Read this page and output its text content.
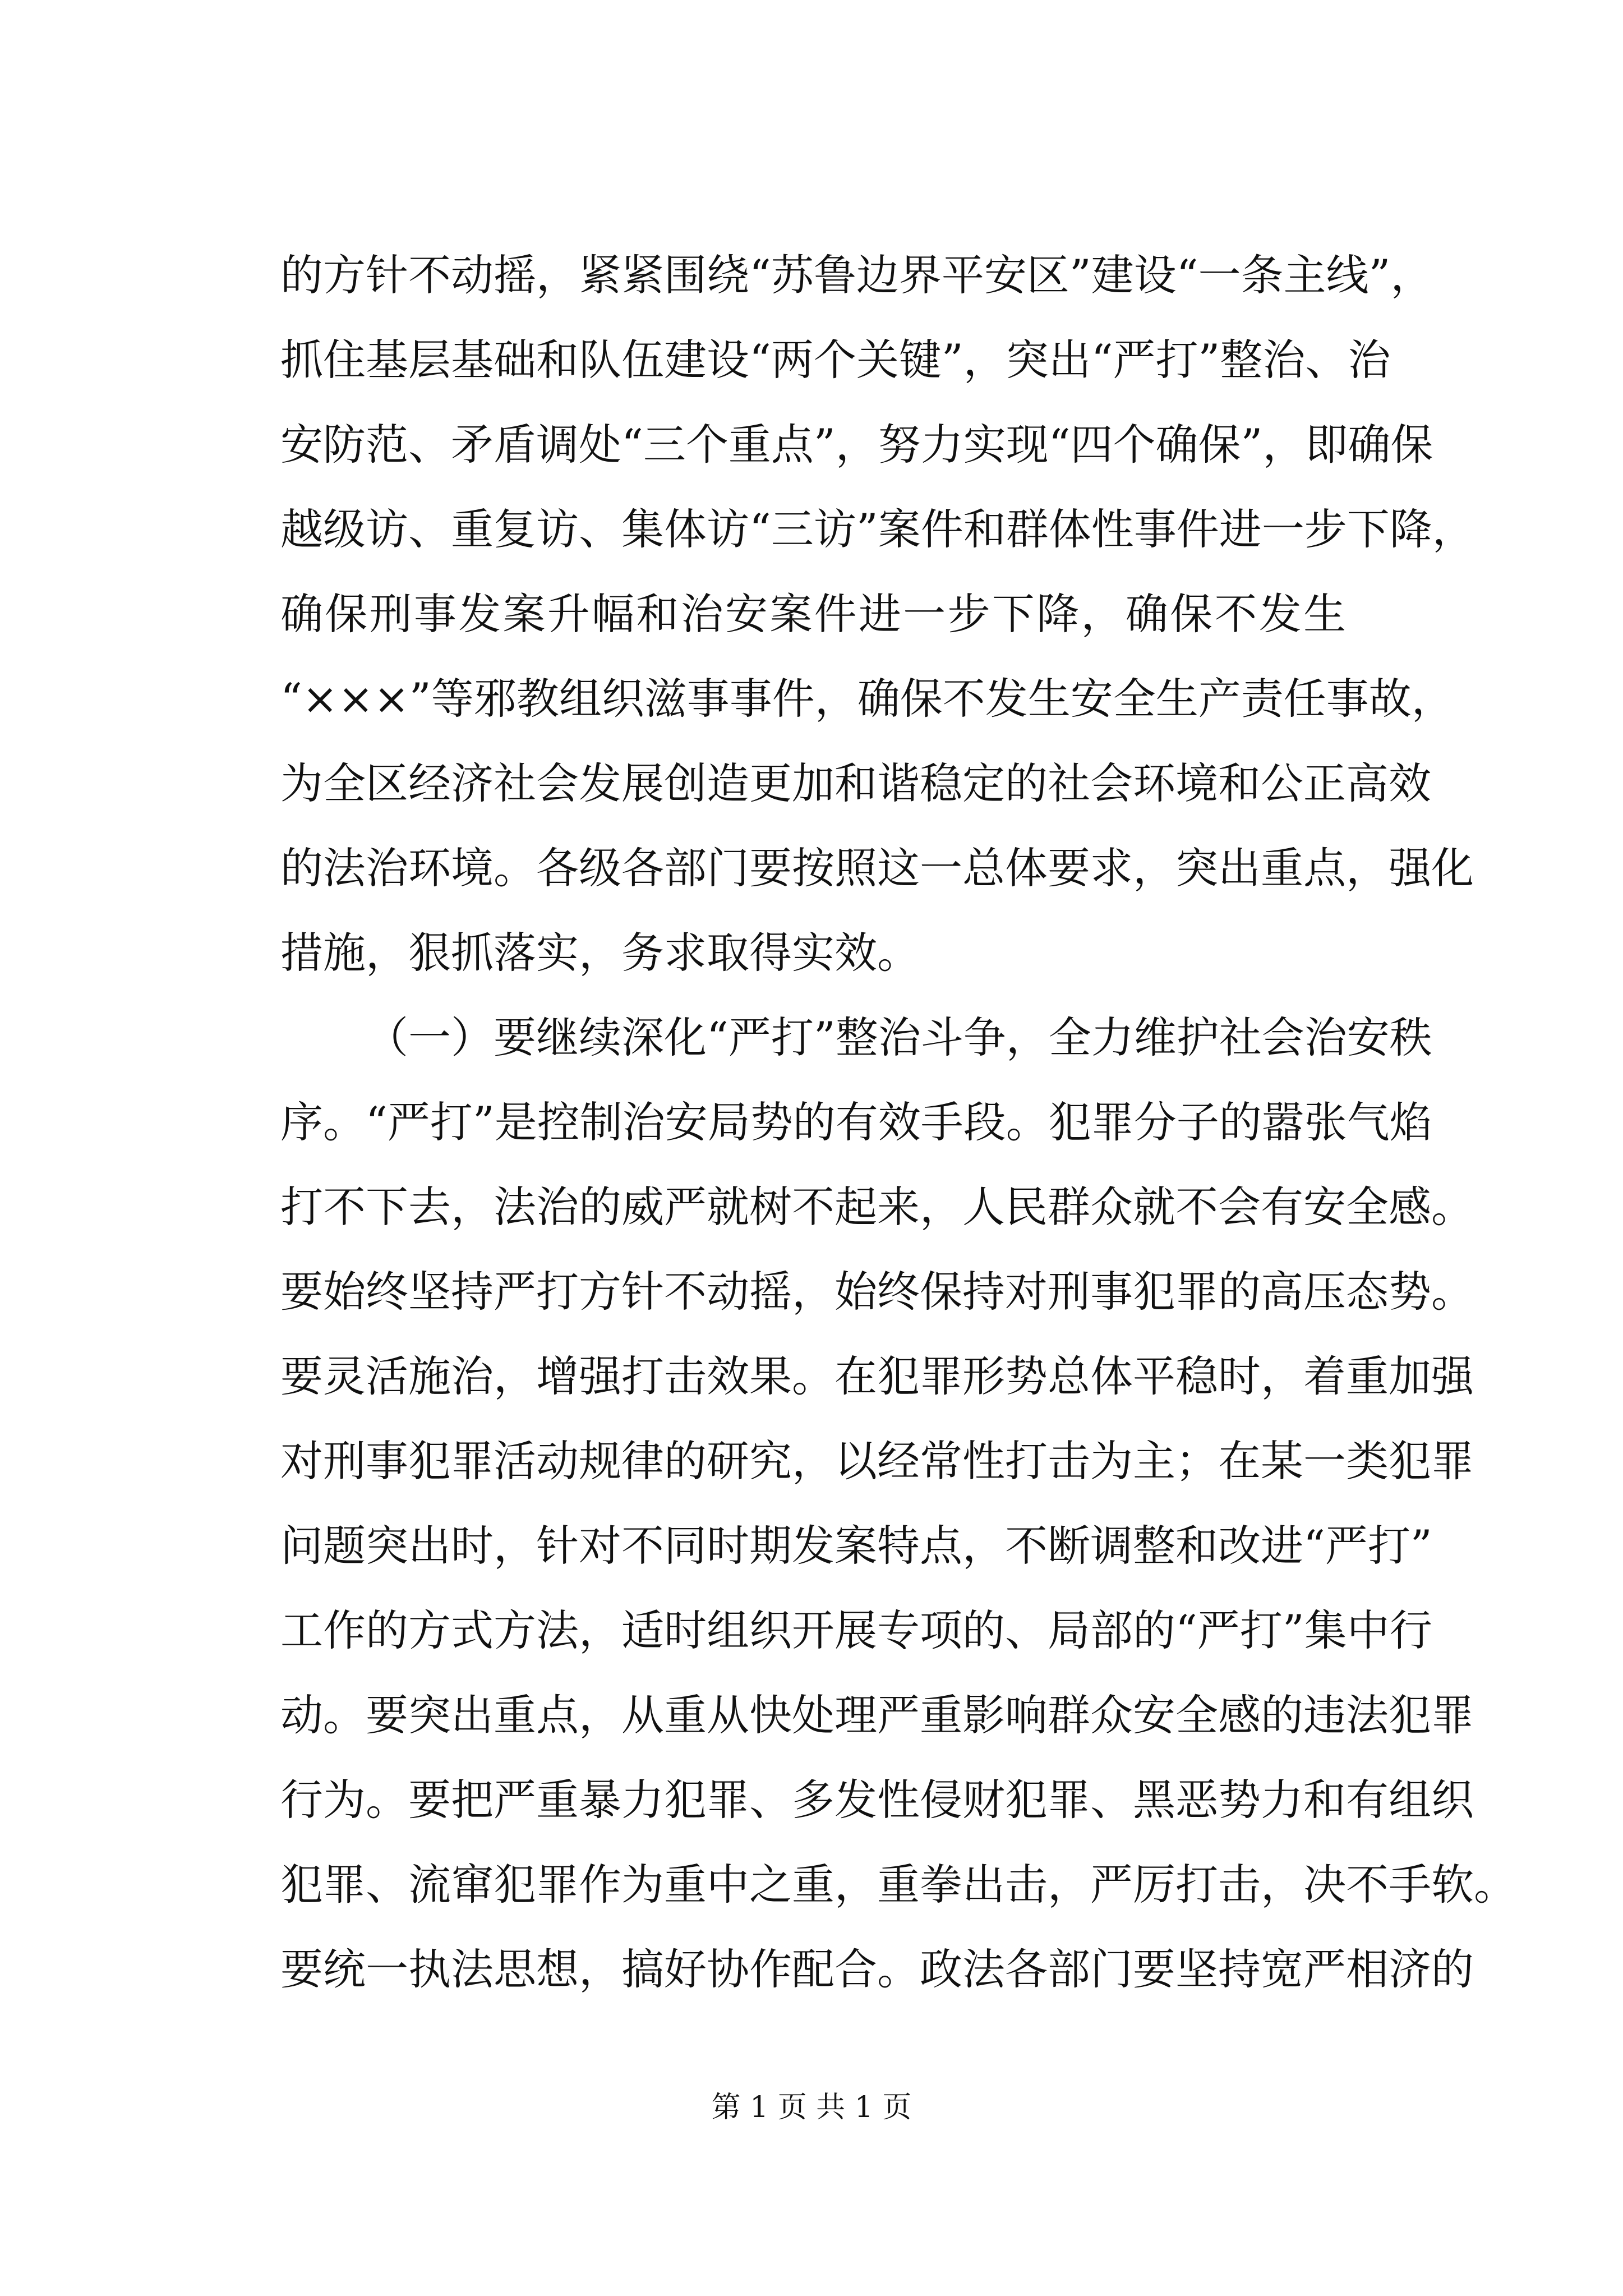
的方针不动摇，紧紧围绕“苏鲁边界平安区”建设“一条主线”，
抓住基层基础和队伍建设“两个关键”，突出“严打”整治、治
安防范、矛盾调处“三个重点”，努力实现“四个确保”，即确保
越级访、重复访、集体访“三访”案件和群体性事件进一步下降，
确保刑事发案升幅和治安案件进一步下降，确保不发生
“×××”等邪教组织滋事事件，确保不发生安全生产责任事故，
为全区经济社会发展创造更加和谐稳定的社会环境和公正高效
的法治环境。各级各部门要按照这一总体要求，突出重点，强化
措施，狠抓落实，务求取得实效。
（一）要继续深化“严打”整治斗争，全力维护社会治安秩
序。“严打”是控制治安局势的有效手段。犯罪分子的嚣张气焰
打不下去，法治的威严就树不起来，人民群众就不会有安全感。
要始终坚持严打方针不动摇，始终保持对刑事犯罪的高压态势。
要灵活施治，增强打击效果。在犯罪形势总体平稳时，着重加强
对刑事犯罪活动规律的研究，以经常性打击为主；在某一类犯罪
问题突出时，针对不同时期发案特点，不断调整和改进“严打”
工作的方式方法，适时组织开展专项的、局部的“严打”集中行
动。要突出重点，从重从快处理严重影响群众安全感的违法犯罪
行为。要把严重暴力犯罪、多发性侵财犯罪、黑恶势力和有组织
犯罪、流窜犯罪作为重中之重，重拳出击，严厉打击，决不手软。
要统一执法思想，搞好协作配合。政法各部门要坚持宽严相济的
第 1 页 共 1 页
